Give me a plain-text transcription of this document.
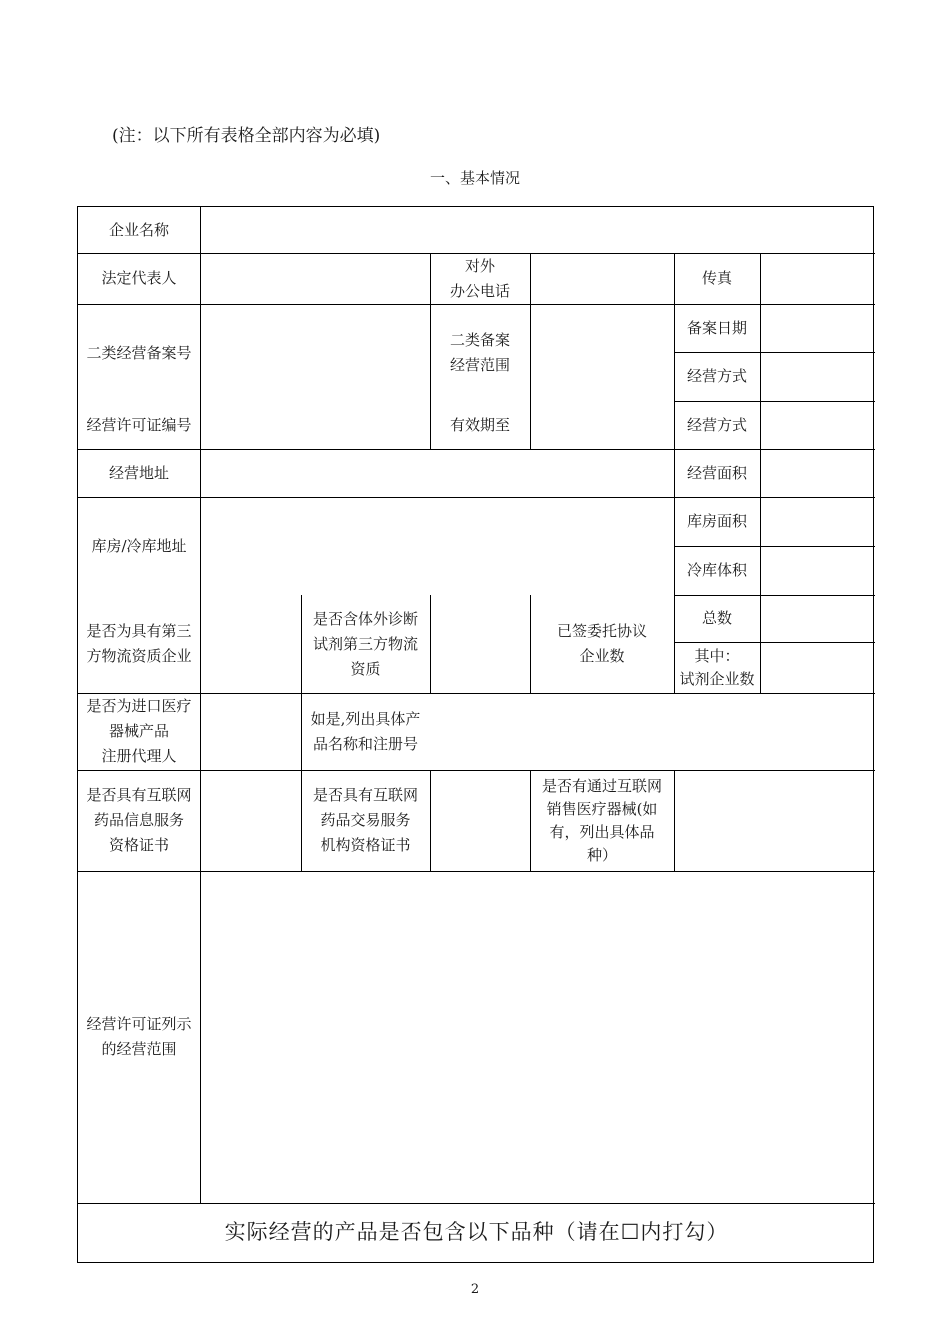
(注：以下所有表格全部内容为必填)
一、基本情况
企业名称
法定代表人
对外
办公电话
传真
二类经营备案号
经营许可证编号
二类备案
经营范围
有效期至
备案日期
经营方式
经营方式
经营地址	经营面积
库房/冷库地址
库房面积
冷库体积
是否为具有第三
方物流资质企业
是否含体外诊断
试剂第三方物流
资质
已签委托协议
企业数
总数
其中：
试剂企业数
是否为进口医疗
器械产品
注册代理人
如是,列出具体产
品名称和注册号
是否具有互联网
药品信息服务
资格证书
是否具有互联网
药品交易服务
机构资格证书
是否有通过互联网
销售医疗器械(如
有，列出具体品
种）
经营许可证列示
的经营范围
实际经营的产品是否包含以下品种（请在☐内打勾）
2
